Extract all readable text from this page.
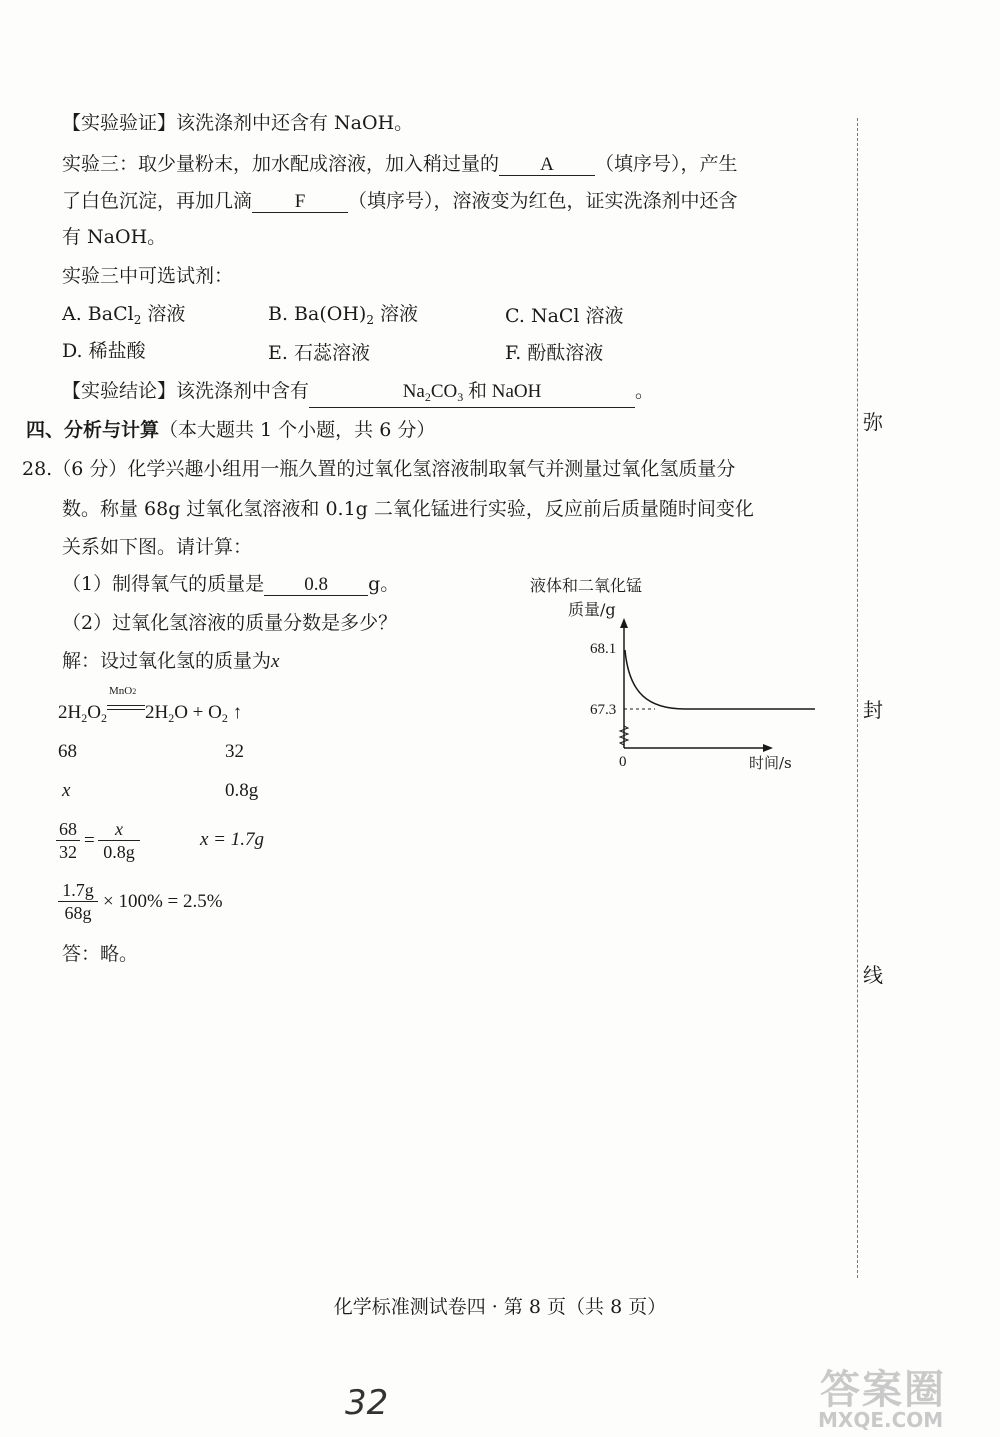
【实验验证】该洗涤剂中还含有 NaOH。
实验三：取少量粉末，加水配成溶液，加入稍过量的 A （填序号），产生
了白色沉淀，再加几滴 F （填序号），溶液变为红色，证实洗涤剂中还含
有 NaOH。
实验三中可选试剂：
A. BaCl$_2$ 溶液	B. $Ba(OH)_2$ 溶液	C. NaCl 溶液
D. 稀盐酸	E. 石蕊溶液	F. 酚酞溶液
【实验结论】该洗涤剂中含有	$Na_2CO_3$ 和 NaOH	。
四、分析与计算（本大题共 1 个小题，共 6 分）
28.（6 分）化学兴趣小组用一瓶久置的过氧化氢溶液制取氧气并测量过氧化氢质量分
数。称量 68g 过氧化氢溶液和 0.1g 二氧化锰进行实验，反应前后质量随时间变化
关系如下图。请计算：
（1）制得氧气的质量是 0.8 g。
（2）过氧化氢溶液的质量分数是多少？
解：设过氧化氢的质量为x
$2H_2O_2$
MnO2
$2H_2O + O_2$ ↑
68	32
x	0.8g
$\frac{68}{32} = \frac{x}{0.8g}$	x = 1.7g
$\frac{1.7g}{68g} \times 100\% = 2.5\%$
答：略。
液体和二氧化锰
质量/g
68.1
67.3
0	时间/s
弥
封
线
化学标准测试卷四 · 第 8 页（共 8 页）
32	答案圈
MXQE.COM
